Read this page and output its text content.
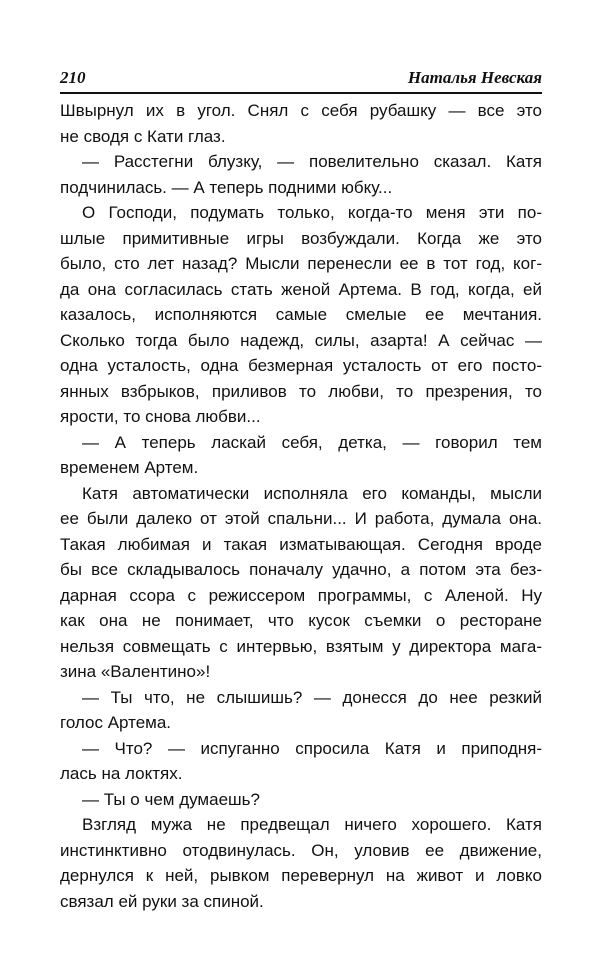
210	Наталья Невская
Швырнул их в угол. Снял с себя рубашку — все это
не сводя с Кати глаз.
— Расстегни блузку, — повелительно сказал. Катя
подчинилась. — А теперь подними юбку...
О Господи, подумать только, когда-то меня эти по-
шлые примитивные игры возбуждали. Когда же это
было, сто лет назад? Мысли перенесли ее в тот год, ког-
да она согласилась стать женой Артема. В год, когда, ей
казалось, исполняются самые смелые ее мечтания.
Сколько тогда было надежд, силы, азарта! А сейчас —
одна усталость, одна безмерная усталость от его посто-
янных взбрыков, приливов то любви, то презрения, то
ярости, то снова любви...
— А теперь ласкай себя, детка, — говорил тем
временем Артем.
Катя автоматически исполняла его команды, мысли
ее были далеко от этой спальни... И работа, думала она.
Такая любимая и такая изматывающая. Сегодня вроде
бы все складывалось поначалу удачно, а потом эта без-
дарная ссора с режиссером программы, с Аленой. Ну
как она не понимает, что кусок съемки о ресторане
нельзя совмещать с интервью, взятым у директора мага-
зина «Валентино»!
— Ты что, не слышишь? — донесся до нее резкий
голос Артема.
— Что? — испуганно спросила Катя и приподня-
лась на локтях.
— Ты о чем думаешь?
Взгляд мужа не предвещал ничего хорошего. Катя
инстинктивно отодвинулась. Он, уловив ее движение,
дернулся к ней, рывком перевернул на живот и ловко
связал ей руки за спиной.
